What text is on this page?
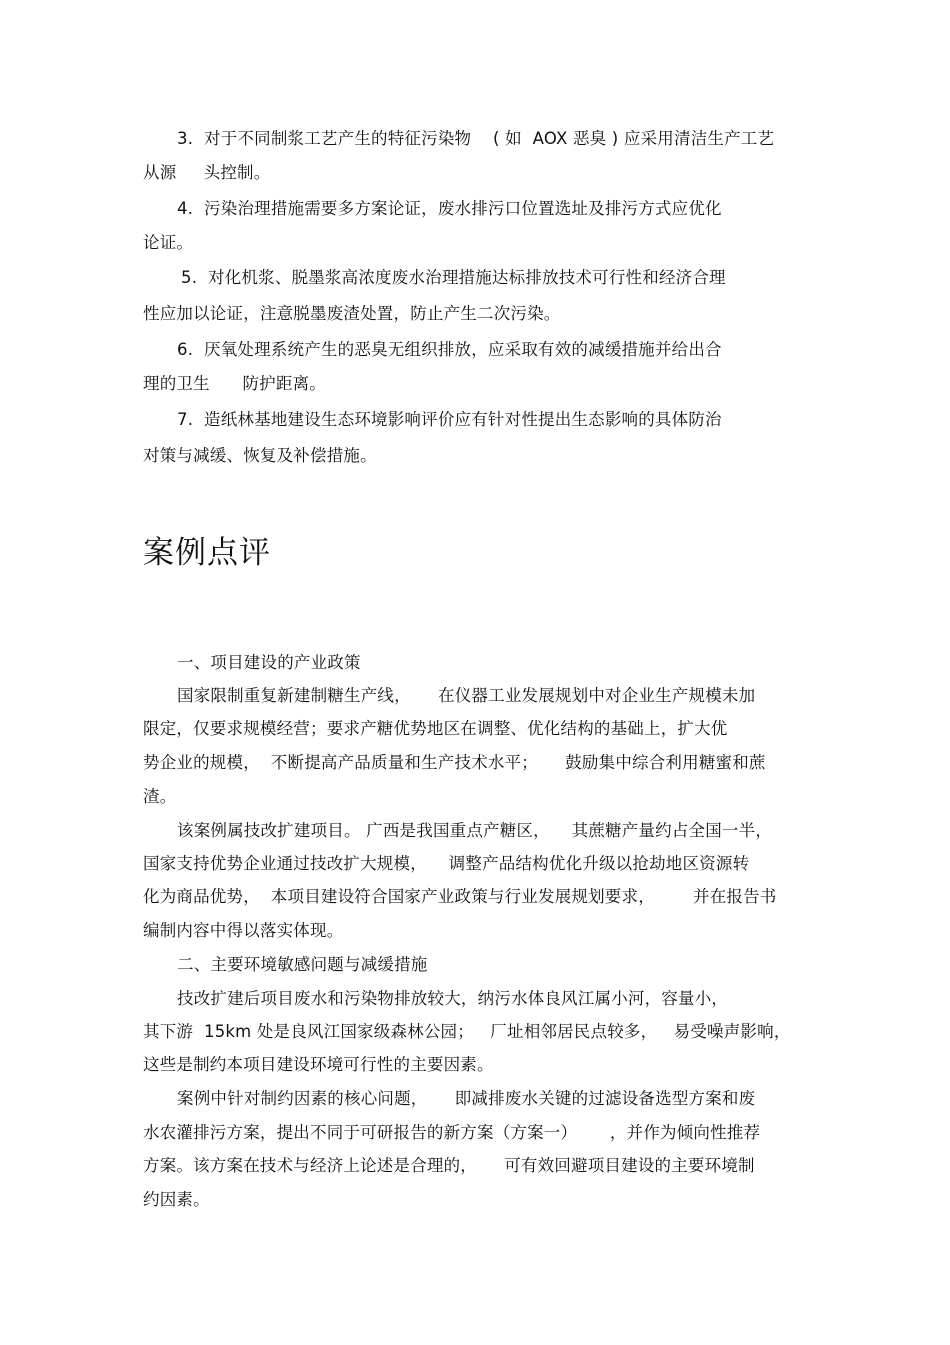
3.  对于不同制浆工艺产生的特征污染物    ( 如  AOX 恶臭 ) 应采用清洁生产工艺
从源     头控制。
4.  污染治理措施需要多方案论证，废水排污口位置选址及排污方式应优化
论证。
5.  对化机浆、脱墨浆高浓度废水治理措施达标排放技术可行性和经济合理
性应加以论证，注意脱墨废渣处置，防止产生二次污染。
6.  厌氧处理系统产生的恶臭无组织排放，应采取有效的减缓措施并给出合
理的卫生      防护距离。
7.  造纸林基地建设生态环境影响评价应有针对性提出生态影响的具体防治
对策与减缓、恢复及补偿措施。
案例点评
一、项目建设的产业政策
国家限制重复新建制糖生产线，     在仪器工业发展规划中对企业生产规模未加
限定，仅要求规模经营；要求产糖优势地区在调整、优化结构的基础上，扩大优
势企业的规模，  不断提高产品质量和生产技术水平；     鼓励集中综合利用糖蜜和蔗
渣。
该案例属技改扩建项目。 广西是我国重点产糖区，    其蔗糖产量约占全国一半，
国家支持优势企业通过技改扩大规模，    调整产品结构优化升级以抢劫地区资源转
化为商品优势，  本项目建设符合国家产业政策与行业发展规划要求，       并在报告书
编制内容中得以落实体现。
二、主要环境敏感问题与减缓措施
技改扩建后项目废水和污染物排放较大，纳污水体良风江属小河，容量小，
其下游  15km 处是良风江国家级森林公园；   厂址相邻居民点较多，   易受噪声影响，
这些是制约本项目建设环境可行性的主要因素。
案例中针对制约因素的核心问题，     即减排废水关键的过滤设备选型方案和废
水农灌排污方案，提出不同于可研报告的新方案（方案一）      ，并作为倾向性推荐
方案。该方案在技术与经济上论述是合理的，     可有效回避项目建设的主要环境制
约因素。
